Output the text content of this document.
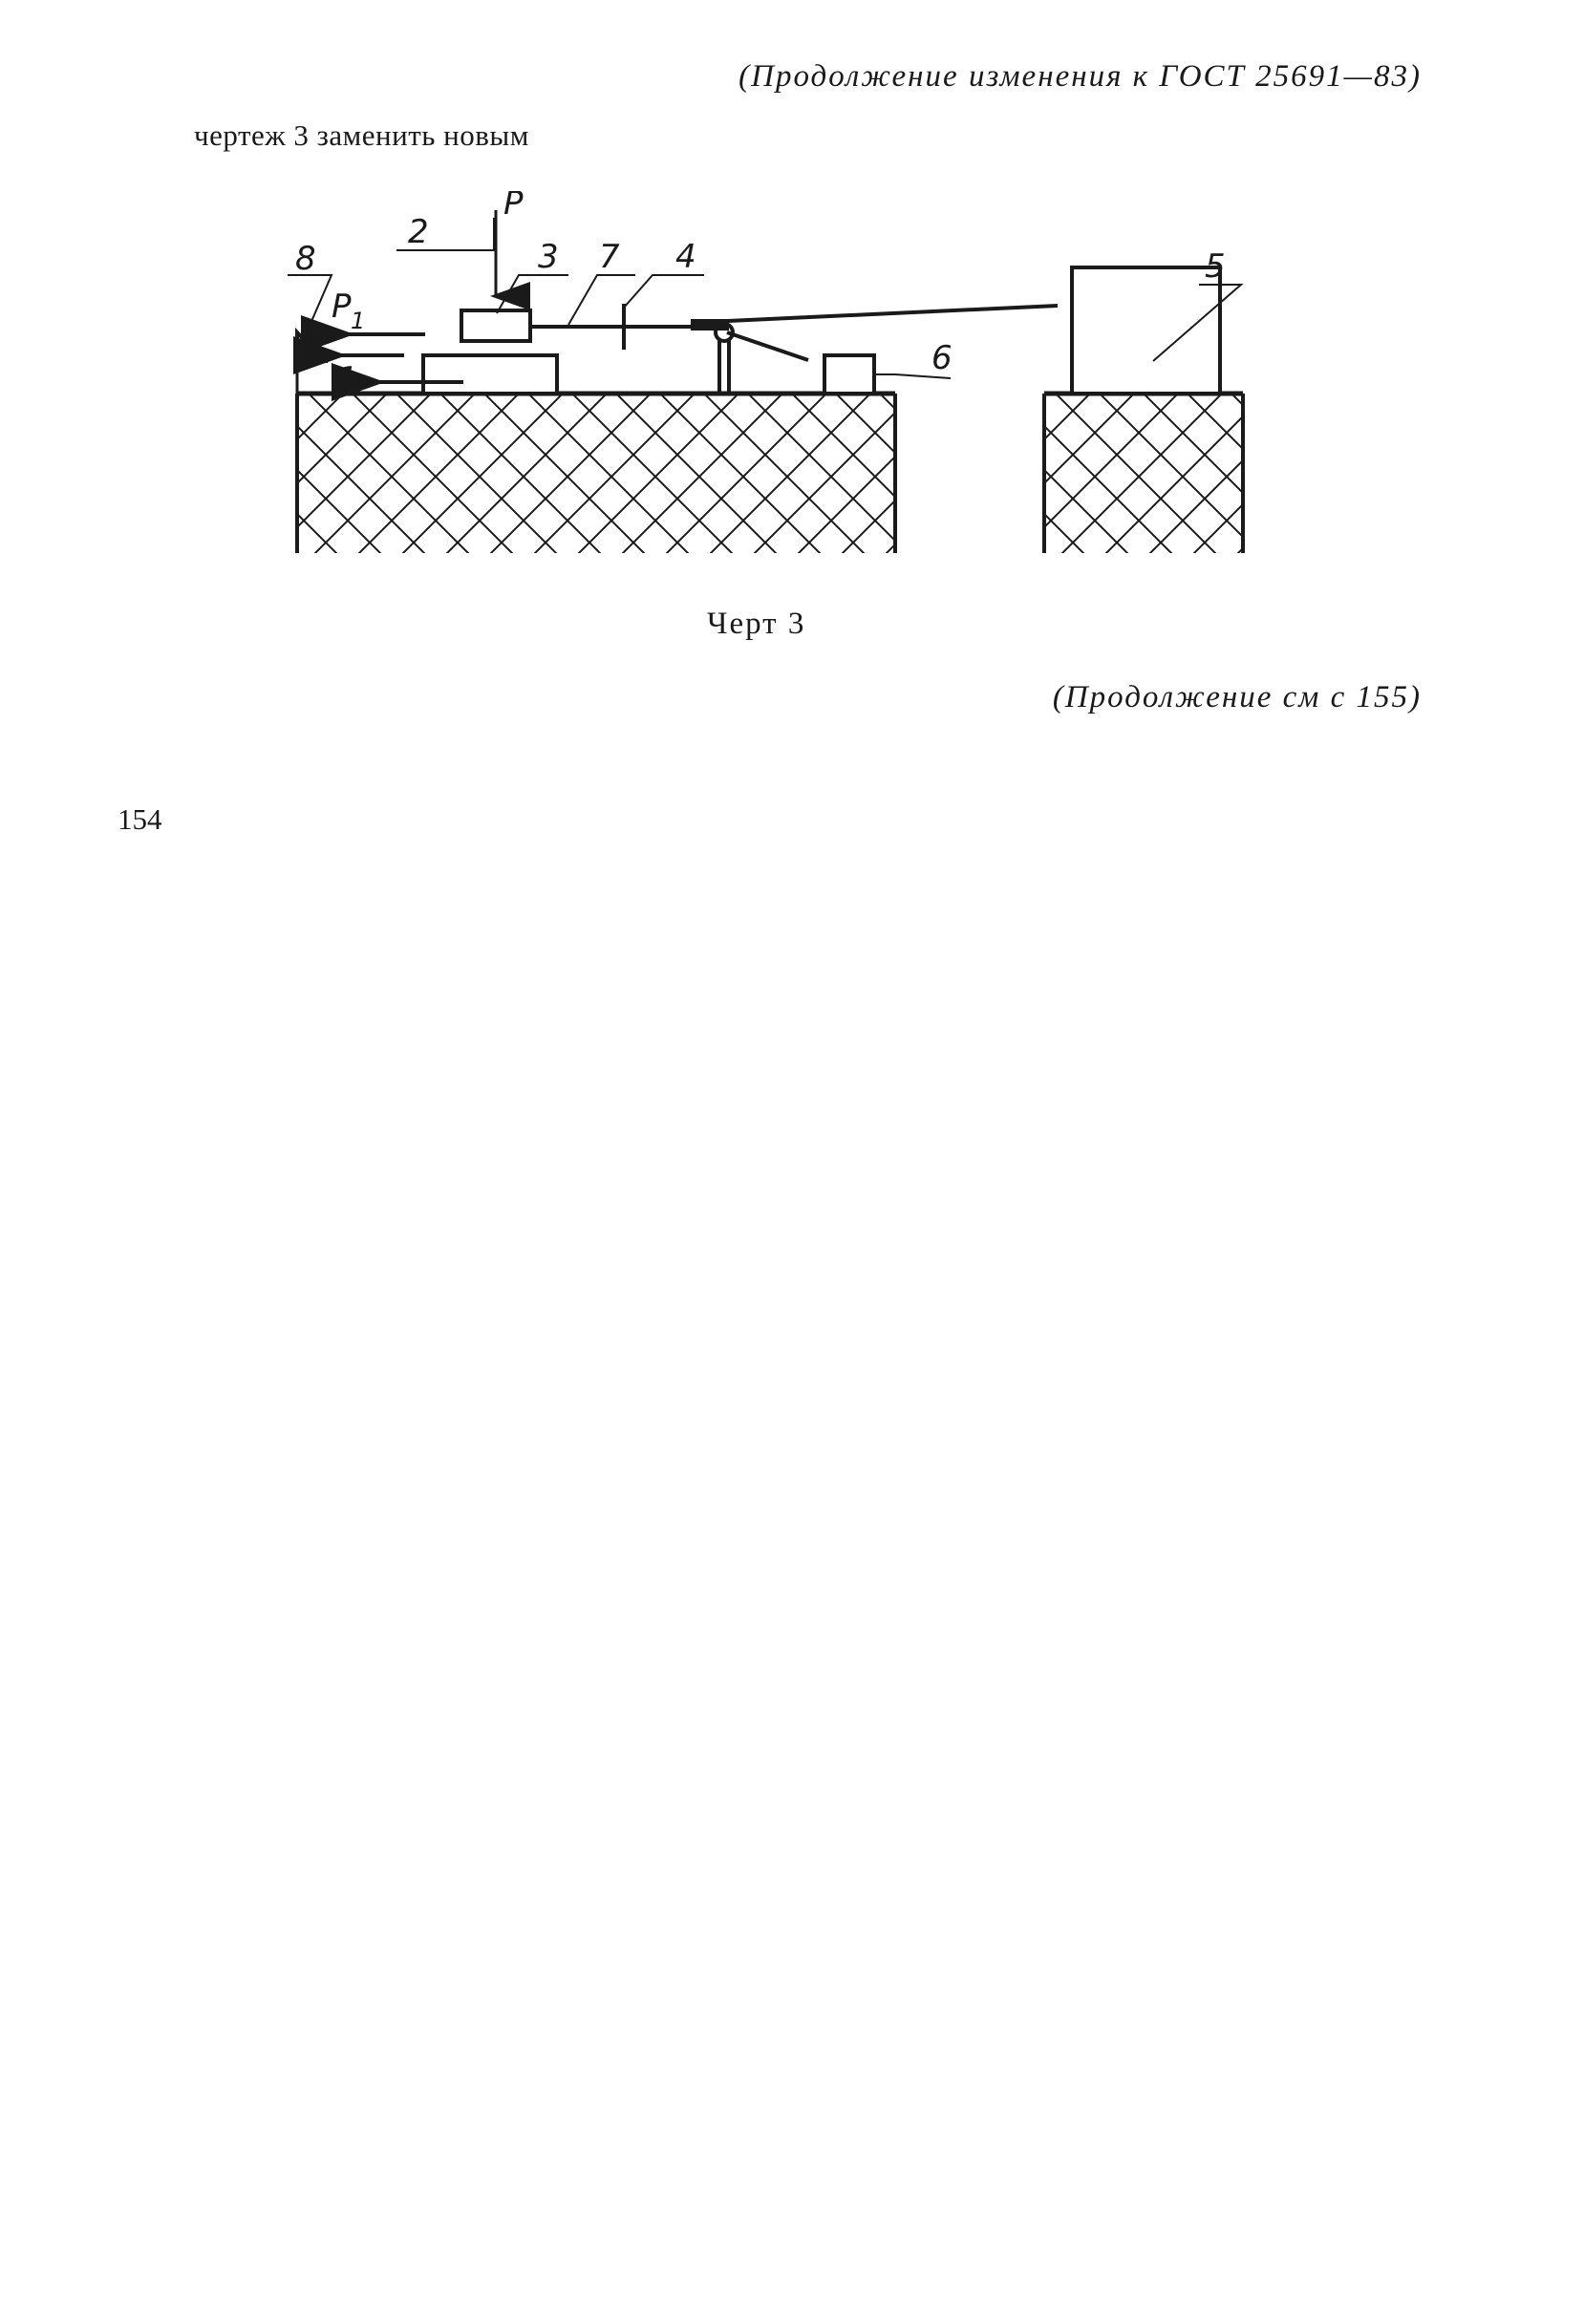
(Продолжение изменения к ГОСТ 25691—83)
чертеж 3 заменить новым
2
P
3 7 4	5
6
8
P 1
1
Черт 3
(Продолжение см с 155)
154
